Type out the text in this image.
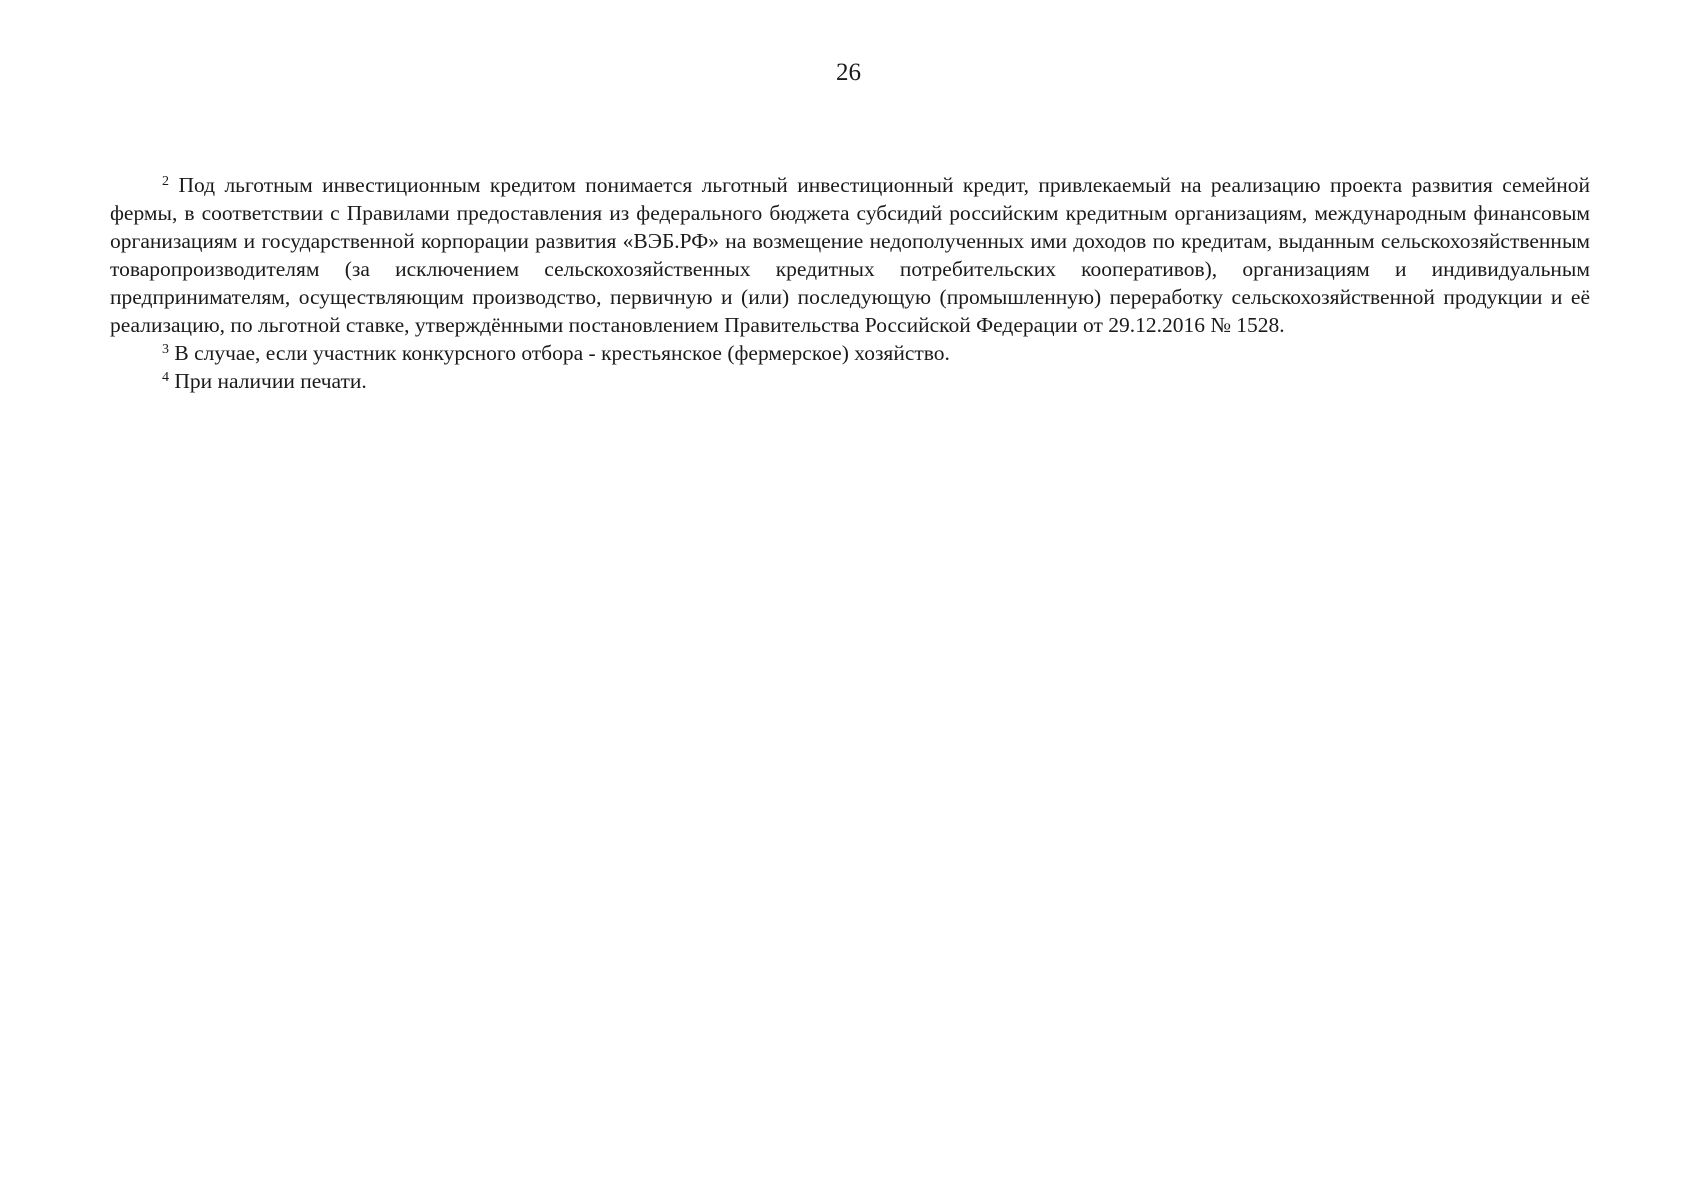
26

$^2$ Под льготным инвестиционным кредитом понимается льготный инвестиционный кредит, привлекаемый на реализацию проекта развития семейной фермы, в соответствии с Правилами предоставления из федерального бюджета субсидий российским кредитным организациям, международным финансовым организациям и государственной корпорации развития «ВЭБ.РФ» на возмещение недополученных ими доходов по кредитам, выданным сельскохозяйственным товаропроизводителям (за исключением сельскохозяйственных кредитных потребительских кооперативов), организациям и индивидуальным предпринимателям, осуществляющим производство, первичную и (или) последующую (промышленную) переработку сельскохозяйственной продукции и её реализацию, по льготной ставке, утверждёнными постановлением Правительства Российской Федерации от 29.12.2016 № 1528.

$^3$ В случае, если участник конкурсного отбора - крестьянское (фермерское) хозяйство.

$^4$ При наличии печати.
